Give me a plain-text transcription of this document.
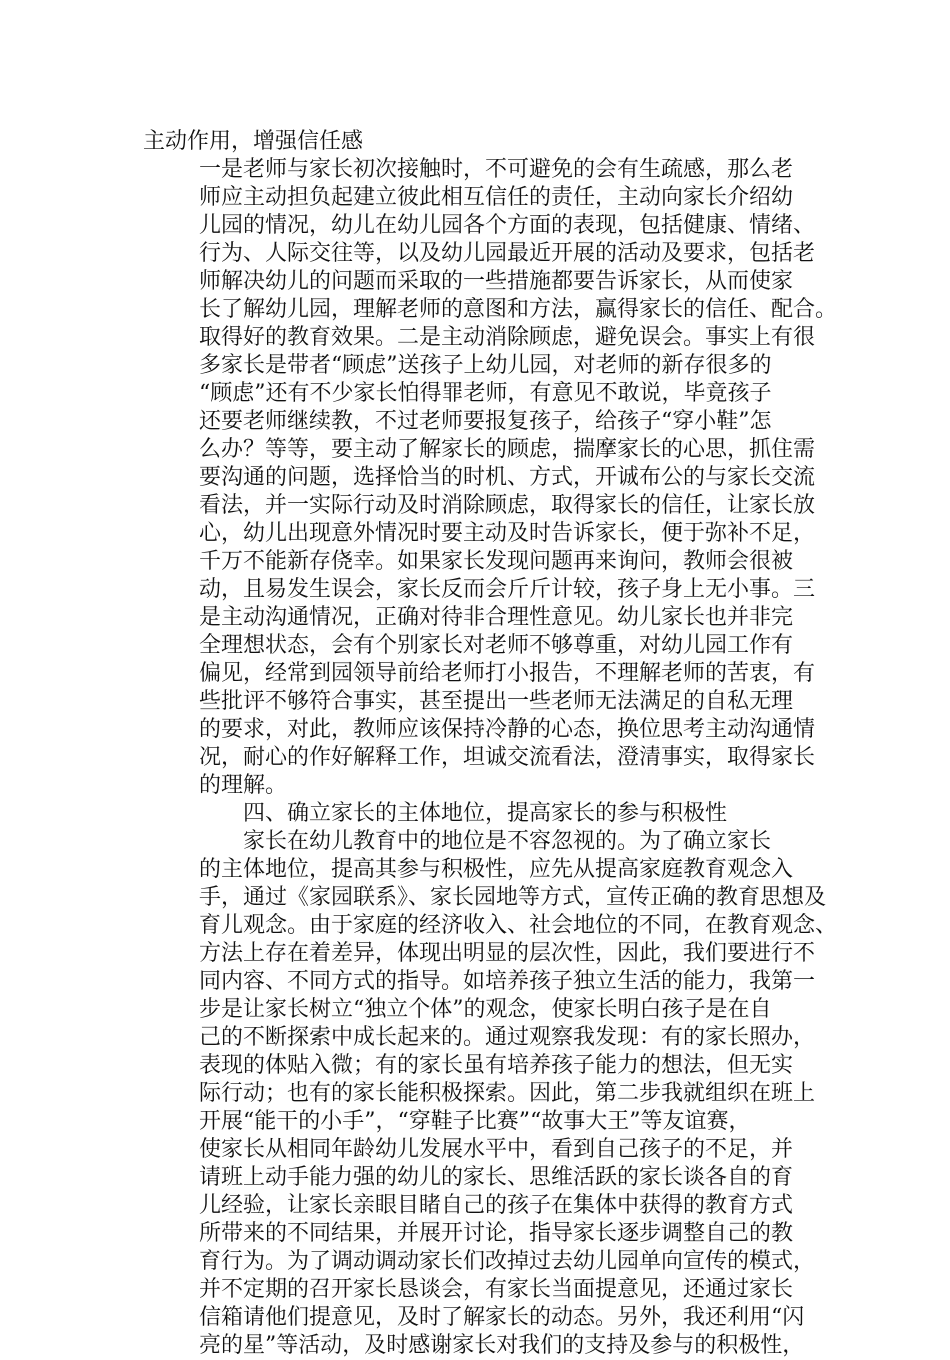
主动作用，增强信任感
一是老师与家长初次接触时，不可避免的会有生疏感，那么老
师应主动担负起建立彼此相互信任的责任，主动向家长介绍幼
儿园的情况，幼儿在幼儿园各个方面的表现，包括健康、情绪、
行为、人际交往等，以及幼儿园最近开展的活动及要求，包括老
师解决幼儿的问题而采取的一些措施都要告诉家长，从而使家
长了解幼儿园，理解老师的意图和方法，赢得家长的信任、配合。
取得好的教育效果。二是主动消除顾虑，避免误会。事实上有很
多家长是带者“顾虑”送孩子上幼儿园，对老师的新存很多的
“顾虑”还有不少家长怕得罪老师，有意见不敢说，毕竟孩子
还要老师继续教，不过老师要报复孩子，给孩子“穿小鞋”怎
么办？等等，要主动了解家长的顾虑，揣摩家长的心思，抓住需
要沟通的问题，选择恰当的时机、方式，开诚布公的与家长交流
看法，并一实际行动及时消除顾虑，取得家长的信任，让家长放
心，幼儿出现意外情况时要主动及时告诉家长，便于弥补不足，
千万不能新存侥幸。如果家长发现问题再来询问，教师会很被
动，且易发生误会，家长反而会斤斤计较，孩子身上无小事。三
是主动沟通情况，正确对待非合理性意见。幼儿家长也并非完
全理想状态，会有个别家长对老师不够尊重，对幼儿园工作有
偏见，经常到园领导前给老师打小报告，不理解老师的苦衷，有
些批评不够符合事实，甚至提出一些老师无法满足的自私无理
的要求，对此，教师应该保持冷静的心态，换位思考主动沟通情
况，耐心的作好解释工作，坦诚交流看法，澄清事实，取得家长
的理解。
　　四、确立家长的主体地位，提高家长的参与积极性
　　家长在幼儿教育中的地位是不容忽视的。为了确立家长
的主体地位，提高其参与积极性，应先从提高家庭教育观念入
手，通过《家园联系》、家长园地等方式，宣传正确的教育思想及
育儿观念。由于家庭的经济收入、社会地位的不同，在教育观念、
方法上存在着差异，体现出明显的层次性，因此，我们要进行不
同内容、不同方式的指导。如培养孩子独立生活的能力，我第一
步是让家长树立“独立个体”的观念，使家长明白孩子是在自
己的不断探索中成长起来的。通过观察我发现：有的家长照办，
表现的体贴入微；有的家长虽有培养孩子能力的想法，但无实
际行动；也有的家长能积极探索。因此，第二步我就组织在班上
开展“能干的小手”，“穿鞋子比赛”“故事大王”等友谊赛，
使家长从相同年龄幼儿发展水平中，看到自己孩子的不足，并
请班上动手能力强的幼儿的家长、思维活跃的家长谈各自的育
儿经验，让家长亲眼目睹自己的孩子在集体中获得的教育方式
所带来的不同结果，并展开讨论，指导家长逐步调整自己的教
育行为。为了调动调动家长们改掉过去幼儿园单向宣传的模式，
并不定期的召开家长恳谈会，有家长当面提意见，还通过家长
信箱请他们提意见，及时了解家长的动态。另外，我还利用“闪
亮的星”等活动，及时感谢家长对我们的支持及参与的积极性，
